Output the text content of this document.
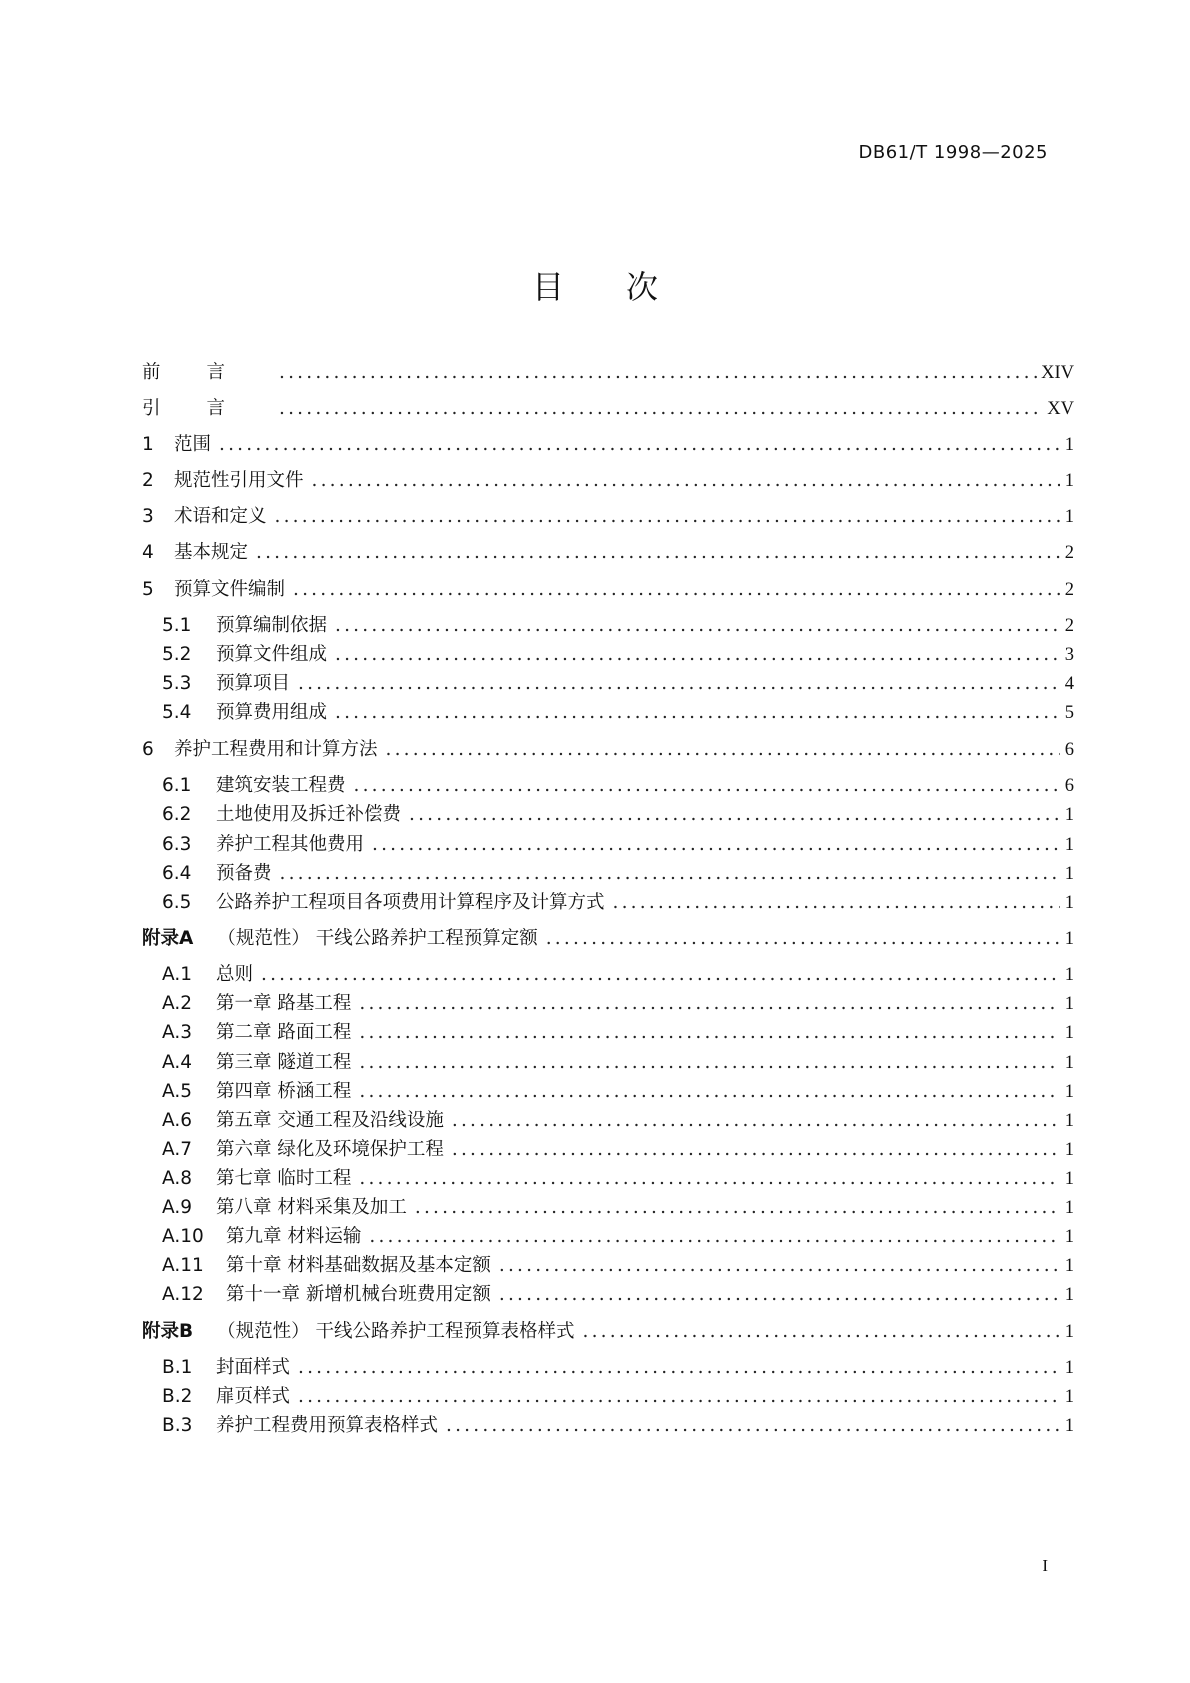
DB61/T 1998—2025
目次
前言 .....	XIV
引言 .....	XV
1	范围 .....	1
2	规范性引用文件 .....	1
3	术语和定义 .....	1
4	基本规定 .....	2
5	预算文件编制 .....	2
5.1	预算编制依据 .....	2
5.2	预算文件组成 .....	3
5.3	预算项目 .....	4
5.4	预算费用组成 .....	5
6	养护工程费用和计算方法 .....	6
6.1	建筑安装工程费 .....	6
6.2	土地使用及拆迁补偿费 .....	1
6.3	养护工程其他费用 .....	1
6.4	预备费 .....	1
6.5	公路养护工程项目各项费用计算程序及计算方式 .....	1
附录A	（规范性） 干线公路养护工程预算定额 .....	1
A.1	总则 .....	1
A.2	第一章 路基工程 .....	1
A.3	第二章 路面工程 .....	1
A.4	第三章 隧道工程 .....	1
A.5	第四章 桥涵工程 .....	1
A.6	第五章 交通工程及沿线设施 .....	1
A.7	第六章 绿化及环境保护工程 .....	1
A.8	第七章 临时工程 .....	1
A.9	第八章 材料采集及加工 .....	1
A.10	第九章 材料运输 .....	1
A.11	第十章 材料基础数据及基本定额 .....	1
A.12	第十一章 新增机械台班费用定额 .....	1
附录B	（规范性） 干线公路养护工程预算表格样式 .....	1
B.1	封面样式 .....	1
B.2	扉页样式 .....	1
B.3	养护工程费用预算表格样式 .....	1
I
